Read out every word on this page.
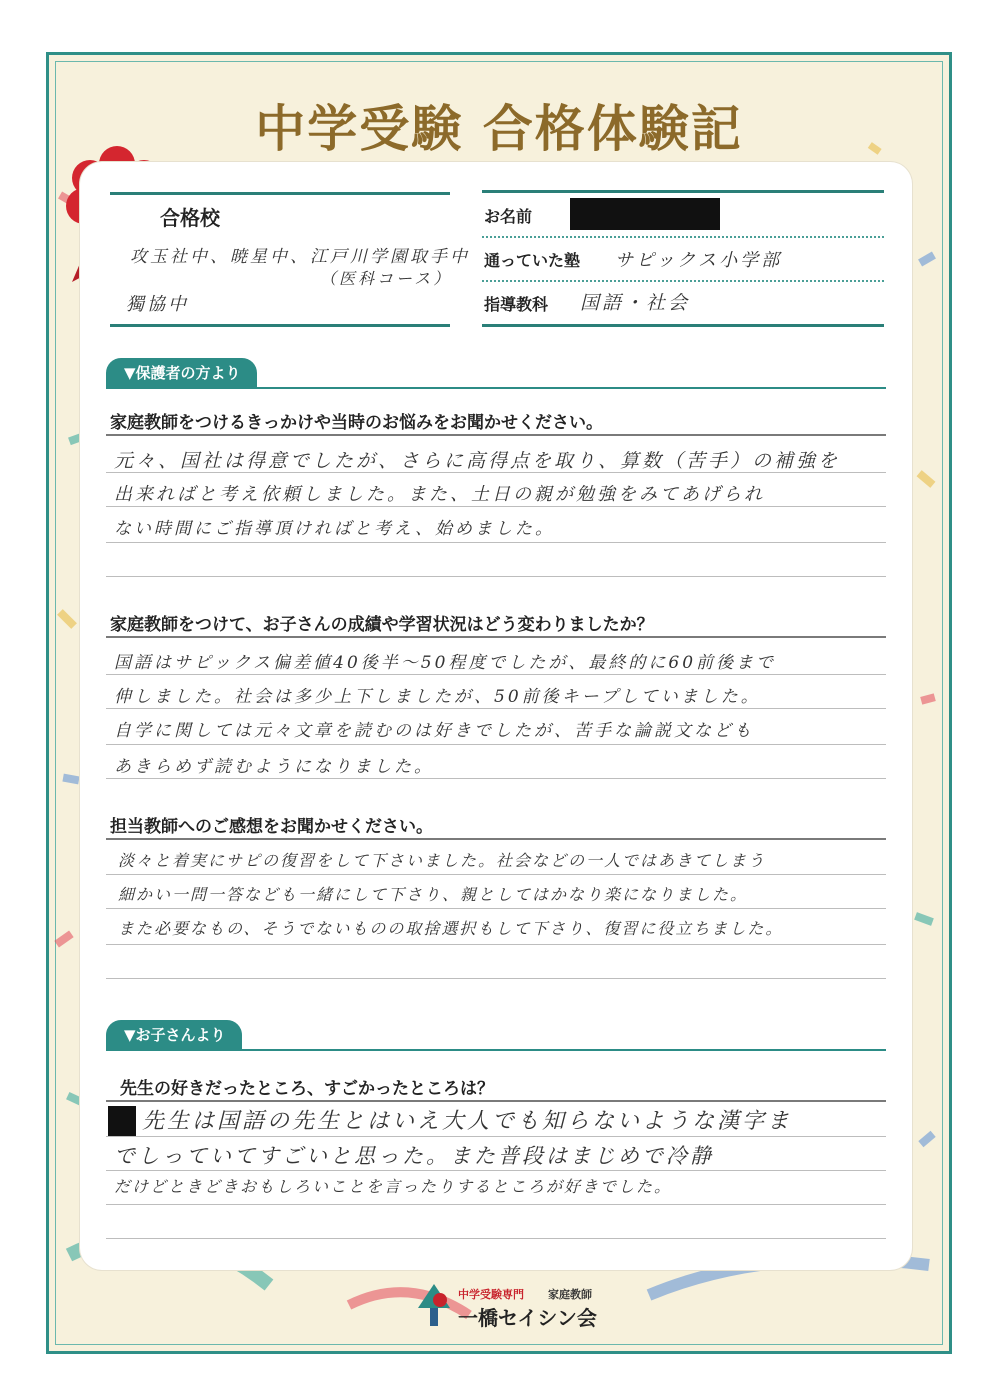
中学受験 合格体験記
合格校
攻玉社中、暁星中、江戸川学園取手中
（医科コース）
獨協中
お名前
通っていた塾 サピックス小学部
指導教科 国語・社会
▼保護者の方より
家庭教師をつけるきっかけや当時のお悩みをお聞かせください。
元々、国社は得意でしたが、さらに高得点を取り、算数（苦手）の補強を
出来ればと考え依頼しました。また、土日の親が勉強をみてあげられ
ない時間にご指導頂ければと考え、始めました。
家庭教師をつけて、お子さんの成績や学習状況はどう変わりましたか？
国語はサピックス偏差値40後半〜50程度でしたが、最終的に60前後まで
伸しました。社会は多少上下しましたが、50前後キープしていました。
自学に関しては元々文章を読むのは好きでしたが、苦手な論説文なども
あきらめず読むようになりました。
担当教師へのご感想をお聞かせください。
淡々と着実にサピの復習をして下さいました。社会などの一人ではあきてしまう
細かい一問一答なども一緒にして下さり、親としてはかなり楽になりました。
また必要なもの、そうでないものの取捨選択もして下さり、復習に役立ちました。
▼お子さんより
先生の好きだったところ、すごかったところは？
先生は国語の先生とはいえ大人でも知らないような漢字ま
でしっていてすごいと思った。また普段はまじめで冷静
だけどときどきおもしろいことを言ったりするところが好きでした。
中学受験専門 家庭教師
一橋セイシン会
